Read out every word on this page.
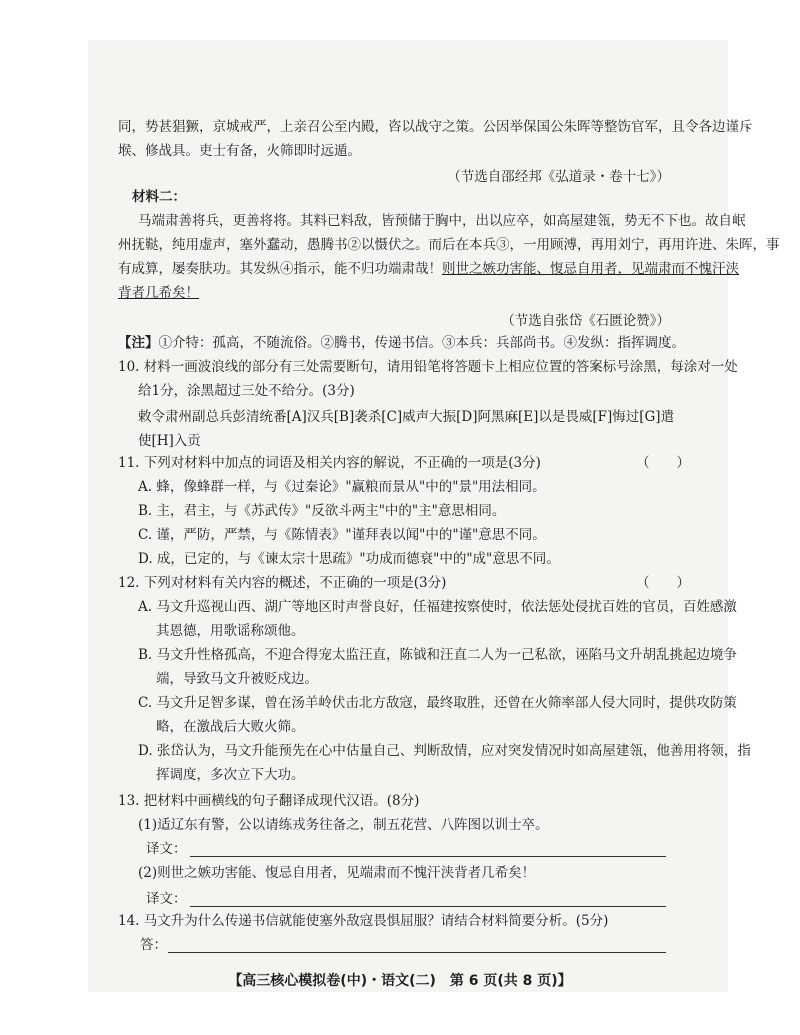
同，势甚猖獗，京城戒严，上亲召公至内殿，咨以战守之策。公因举保国公朱晖等整饬官军，且令各边谨斥
堠、修战具。吏士有备，火筛即时远遁。
（节选自邵经邦《弘道录・卷十七》）
材料二：
马端肃善将兵，更善将将。其料已料敌，皆预储于胸中，出以应卒，如高屋建瓴，势无不下也。故自岷
州抚鞑，纯用虚声，塞外蠢动，愚腾书②以慑伏之。而后在本兵③，一用顾溥，再用刘宁，再用许进、朱晖，事
有成算，屡奏肤功。其发纵④指示，能不归功端肃哉！则世之嫉功害能、愎忌自用者，见端肃而不愧汗浃
背者几希矣！
（节选自张岱《石匮论赞》）
【注】①介特：孤高，不随流俗。②腾书，传递书信。③本兵：兵部尚书。④发纵：指挥调度。
10. 材料一画波浪线的部分有三处需要断句，请用铅笔将答题卡上相应位置的答案标号涂黑，每涂对一处
给1分，涂黑超过三处不给分。(3分)
敕令肃州副总兵彭清统番[A]汉兵[B]袭杀[C]威声大振[D]阿黑麻[E]以是畏威[F]悔过[G]遣
使[H]入贡
11. 下列对材料中加点的词语及相关内容的解说，不正确的一项是(3分)	（　　）
A. 蜂，像蜂群一样，与《过秦论》"赢粮而景从"中的"景"用法相同。
B. 主，君主，与《苏武传》"反欲斗两主"中的"主"意思相同。
C. 谨，严防，严禁，与《陈情表》"谨拜表以闻"中的"谨"意思不同。
D. 成，已定的，与《谏太宗十思疏》"功成而德衰"中的"成"意思不同。
12. 下列对材料有关内容的概述，不正确的一项是(3分)	（　　）
A. 马文升巡视山西、湖广等地区时声誉良好，任福建按察使时，依法惩处侵扰百姓的官员，百姓感激
其恩德，用歌谣称颂他。
B. 马文升性格孤高，不迎合得宠太监汪直，陈钺和汪直二人为一己私欲，诬陷马文升胡乱挑起边境争
端，导致马文升被贬戍边。
C. 马文升足智多谋，曾在汤羊岭伏击北方敌寇，最终取胜，还曾在火筛率部人侵大同时，提供攻防策
略，在激战后大败火筛。
D. 张岱认为，马文升能预先在心中估量自己、判断敌情，应对突发情况时如高屋建瓴，他善用将领，指
挥调度，多次立下大功。
13. 把材料中画横线的句子翻译成现代汉语。(8分)
(1)适辽东有警，公以请练戎务往备之，制五花营、八阵图以训士卒。
译文：
(2)则世之嫉功害能、愎忌自用者，见端肃而不愧汗浃背者几希矣！
译文：
14. 马文升为什么传递书信就能使塞外敌寇畏惧屈服？请结合材料简要分析。(5分)
答：
【高三核心模拟卷(中)・语文(二)　第 6 页(共 8 页)】
